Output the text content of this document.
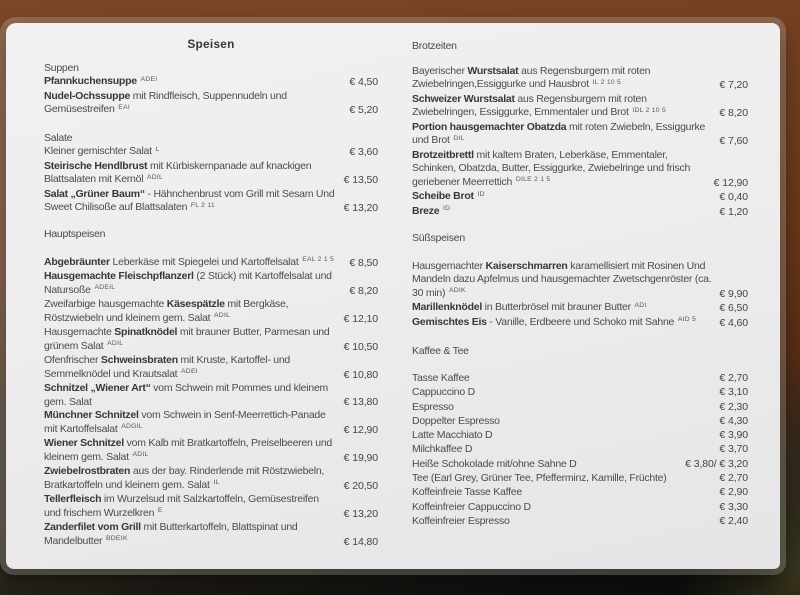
Speisen
Suppen
Pfannkuchensuppe $^{ADEI}$	€ 4,50
Nudel-Ochssuppe mit Rindfleisch, Suppennudeln und Gemüsestreifen $^{EAI}$	€ 5,20
Salate
Kleiner gemischter Salat $^L$	€ 3,60
Steirische Hendlbrust mit Kürbiskernpanade auf knackigen Blattsalaten mit Kernöl $^{ADIL}$	€ 13,50
Salat „Grüner Baum“ - Hähnchenbrust vom Grill mit Sesam Und Sweet Chilisoße auf Blattsalaten $^{FL 2 11}$	€ 13,20
Hauptspeisen
Abgebräunter Leberkäse mit Spiegelei und Kartoffelsalat $^{EAL 2 1 5}$	€ 8,50
Hausgemachte Fleischpflanzerl (2 Stück) mit Kartoffelsalat und Natursoße $^{ADEIL}$	€ 8,20
Zweifarbige hausgemachte Käsespätzle mit Bergkäse, Röstzwiebeln und kleinem gem. Salat $^{ADIL}$	€ 12,10
Hausgemachte Spinatknödel mit brauner Butter, Parmesan und grünem Salat $^{ADIL}$	€ 10,50
Ofenfrischer Schweinsbraten mit Kruste, Kartoffel- und Semmelknödel und Krautsalat $^{ADEI}$	€ 10,80
Schnitzel „Wiener Art“ vom Schwein mit Pommes und kleinem gem. Salat	€ 13,80
Münchner Schnitzel vom Schwein in Senf-Meerrettich-Panade mit Kartoffelsalat $^{ADGIL}$	€ 12,90
Wiener Schnitzel vom Kalb mit Bratkartoffeln, Preiselbeeren und kleinem gem. Salat $^{ADIL}$	€ 19,90
Zwiebelrostbraten aus der bay. Rinderlende mit Röstzwiebeln, Bratkartoffeln und kleinem gem. Salat $^{IL}$	€ 20,50
Tellerfleisch im Wurzelsud mit Salzkartoffeln, Gemüsestreifen und frischem Wurzelkren $^E$	€ 13,20
Zanderfilet vom Grill mit Butterkartoffeln, Blattspinat und Mandelbutter $^{BDEIK}$	€ 14,80
Brotzeiten
Bayerischer Wurstsalat aus Regensburgern mit roten Zwiebelringen,Essiggurke und Hausbrot $^{IL 2 10 5}$	€ 7,20
Schweizer Wurstsalat aus Regensburgern mit roten Zwiebelringen, Essiggurke, Emmentaler und Brot $^{IDL 2 10 5}$	€ 8,20
Portion hausgemachter Obatzda mit roten Zwiebeln, Essiggurke und Brot $^{DIL}$	€ 7,60
Brotzeitbrettl mit kaltem Braten, Leberkäse, Emmentaler, Schinken, Obatzda, Butter, Essiggurke, Zwiebelringe und frisch geriebener Meerrettich $^{DILE 2 1 5}$	€ 12,90
Scheibe Brot $^{ID}$	€ 0,40
Breze $^{ID}$	€ 1,20
Süßspeisen
Hausgemachter Kaiserschmarren karamellisiert mit Rosinen Und Mandeln dazu Apfelmus und hausgemachter Zwetschgenröster (ca. 30 min) $^{ADIK}$	€ 9,90
Marillenknödel in Butterbrösel mit brauner Butter $^{ADI}$	€ 6,50
Gemischtes Eis - Vanille, Erdbeere und Schoko mit Sahne $^{AID 5}$	€ 4,60
Kaffee & Tee
Tasse Kaffee	€ 2,70
Cappuccino D	€ 3,10
Espresso	€ 2,30
Doppelter Espresso	€ 4,30
Latte Macchiato D	€ 3,90
Milchkaffee D	€ 3,70
Heiße Schokolade mit/ohne Sahne D	€ 3,80/ € 3,20
Tee (Earl Grey, Grüner Tee, Pfefferminz, Kamille, Früchte)	€ 2,70
Koffeinfreie Tasse Kaffee	€ 2,90
Koffeinfreier Cappuccino D	€ 3,30
Koffeinfreier Espresso	€ 2,40
